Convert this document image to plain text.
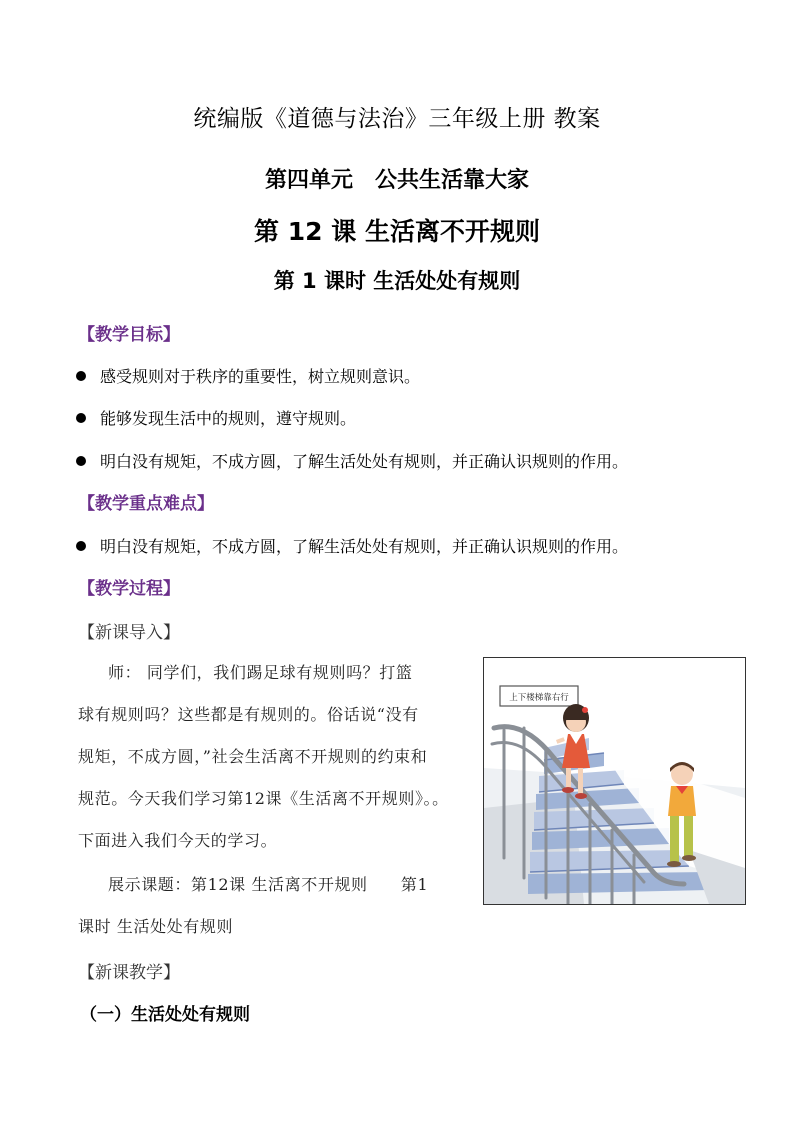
统编版《道德与法治》三年级上册 教案
第四单元　公共生活靠大家
第 12 课 生活离不开规则
第 1 课时 生活处处有规则
【教学目标】
感受规则对于秩序的重要性，树立规则意识。
能够发现生活中的规则，遵守规则。
明白没有规矩，不成方圆，了解生活处处有规则，并正确认识规则的作用。
【教学重点难点】
明白没有规矩，不成方圆，了解生活处处有规则，并正确认识规则的作用。
【教学过程】
【新课导入】
师： 同学们，我们踢足球有规则吗？打篮
球有规则吗？这些都是有规则的。俗话说“没有
规矩，不成方圆，”社会生活离不开规则的约束和
规范。今天我们学习第12课《生活离不开规则》。。
下面进入我们今天的学习。
展示课题：第12课 生活离不开规则　　第1
课时 生活处处有规则
【新课教学】
（一）生活处处有规则
上下楼梯靠右行
